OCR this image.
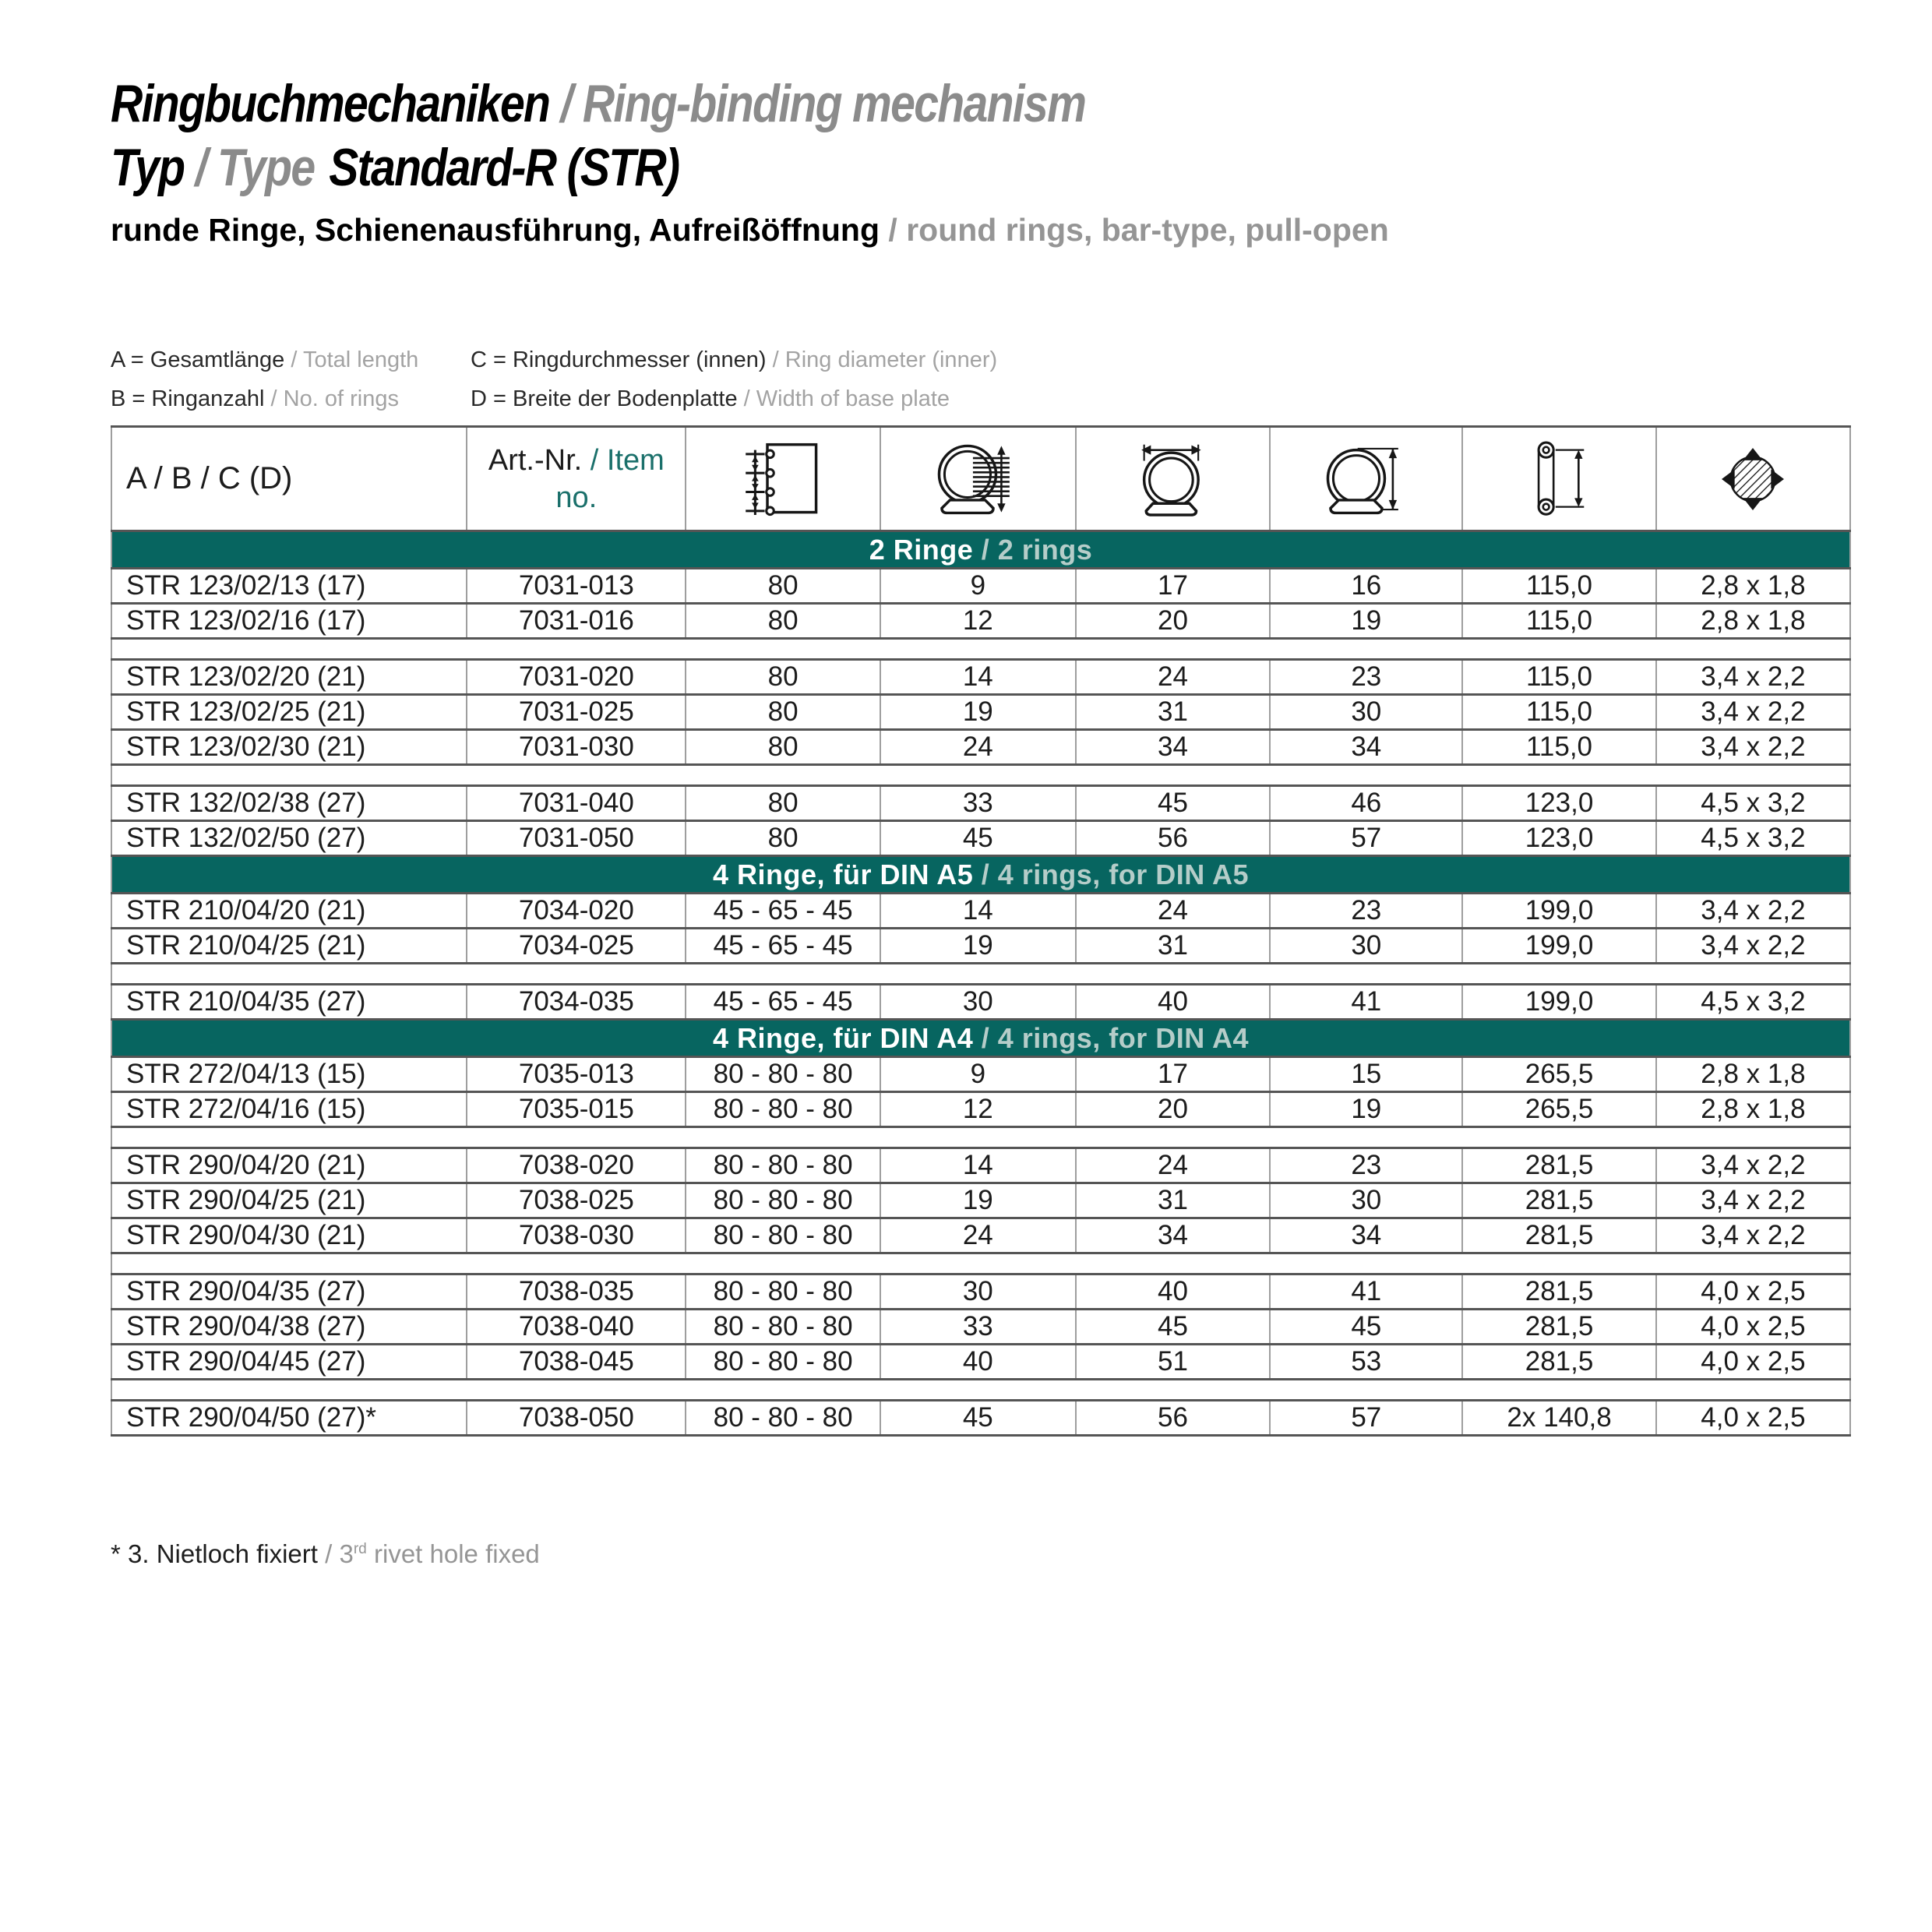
Ringbuchmechaniken / Ring-binding mechanism
Typ / Type Standard-R (STR)

runde Ringe, Schienenausführung, Aufreißöffnung / round rings, bar-type, pull-open

A = Gesamtlänge / Total length	C = Ringdurchmesser (innen) / Ring diameter (inner)
B = Ringanzahl / No. of rings	D = Breite der Bodenplatte / Width of base plate
A / B / C (D)	Art.-Nr. / Item no.	

2 Ringe / 2 rings							
STR 123/02/13 (17)	7031-013	80	9	17	16	115,0	2,8 x 1,8
STR 123/02/16 (17)	7031-016	80	12	20	19	115,0	2,8 x 1,8

STR 123/02/20 (21)	7031-020	80	14	24	23	115,0	3,4 x 2,2
STR 123/02/25 (21)	7031-025	80	19	31	30	115,0	3,4 x 2,2
STR 123/02/30 (21)	7031-030	80	24	34	34	115,0	3,4 x 2,2

STR 132/02/38 (27)	7031-040	80	33	45	46	123,0	4,5 x 3,2
STR 132/02/50 (27)	7031-050	80	45	56	57	123,0	4,5 x 3,2
4 Ringe, für DIN A5 / 4 rings, for DIN A5							
STR 210/04/20 (21)	7034-020	45 - 65 - 45	14	24	23	199,0	3,4 x 2,2
STR 210/04/25 (21)	7034-025	45 - 65 - 45	19	31	30	199,0	3,4 x 2,2

STR 210/04/35 (27)	7034-035	45 - 65 - 45	30	40	41	199,0	4,5 x 3,2
4 Ringe, für DIN A4 / 4 rings, for DIN A4							
STR 272/04/13 (15)	7035-013	80 - 80 - 80	9	17	15	265,5	2,8 x 1,8
STR 272/04/16 (15)	7035-015	80 - 80 - 80	12	20	19	265,5	2,8 x 1,8

STR 290/04/20 (21)	7038-020	80 - 80 - 80	14	24	23	281,5	3,4 x 2,2
STR 290/04/25 (21)	7038-025	80 - 80 - 80	19	31	30	281,5	3,4 x 2,2
STR 290/04/30 (21)	7038-030	80 - 80 - 80	24	34	34	281,5	3,4 x 2,2

STR 290/04/35 (27)	7038-035	80 - 80 - 80	30	40	41	281,5	4,0 x 2,5
STR 290/04/38 (27)	7038-040	80 - 80 - 80	33	45	45	281,5	4,0 x 2,5
STR 290/04/45 (27)	7038-045	80 - 80 - 80	40	51	53	281,5	4,0 x 2,5

STR 290/04/50 (27)*	7038-050	80 - 80 - 80	45	56	57	2x 140,8	4,0 x 2,5

* 3. Nietloch fixiert / 3rd rivet hole fixed
